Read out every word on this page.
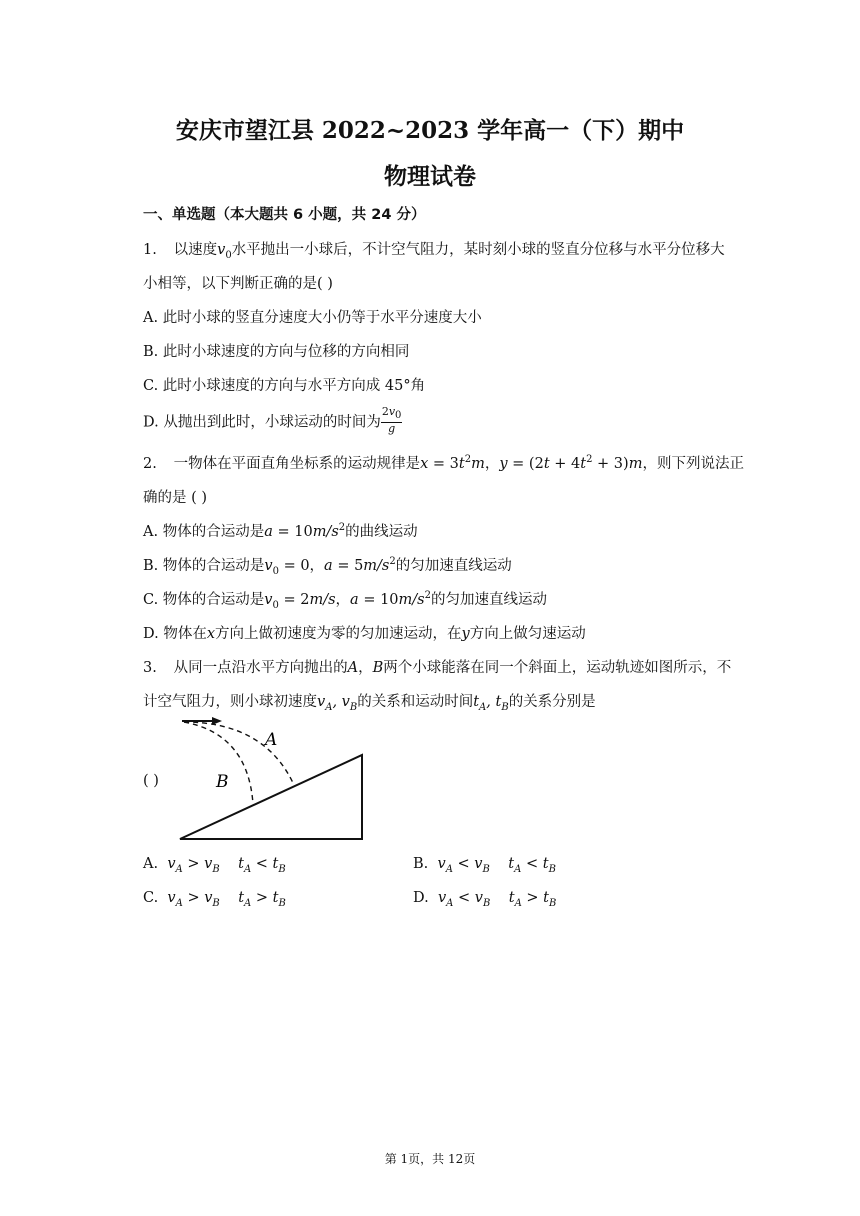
安庆市望江县 2022~2023 学年高一（下）期中
物理试卷
一、单选题（本大题共 6 小题，共 24 分）
1. 以速度$v_0$水平抛出一小球后，不计空气阻力，某时刻小球的竖直分位移与水平分位移大
小相等，以下判断正确的是( )
A. 此时小球的竖直分速度大小仍等于水平分速度大小
B. 此时小球速度的方向与位移的方向相同
C. 此时小球速度的方向与水平方向成 45°角
D. 从抛出到此时，小球运动的时间为 $\frac{2v_0}{g}$
2. 一物体在平面直角坐标系的运动规律是$x = 3t^2m$，$y = (2t + 4t^2 + 3)m$，则下列说法正
确的是 ( )
A. 物体的合运动是$a = 10m/s^2$的曲线运动
B. 物体的合运动是$v_0 = 0$，$a = 5m/s^2$的匀加速直线运动
C. 物体的合运动是$v_0 = 2m/s$，$a = 10m/s^2$的匀加速直线运动
D. 物体在x方向上做初速度为零的匀加速运动，在y方向上做匀速运动
3. 从同一点沿水平方向抛出的A，B两个小球能落在同一个斜面上，运动轨迹如图所示，不
计空气阻力，则小球初速度$v_A$, $v_B$的关系和运动时间$t_A$, $t_B$的关系分别是
( )
A
B
A. $v_A > v_B$    $t_A < t_B$	B. $v_A < v_B$    $t_A < t_B$
C. $v_A > v_B$    $t_A > t_B$	D. $v_A < v_B$    $t_A > t_B$
第 1页，共 12页
